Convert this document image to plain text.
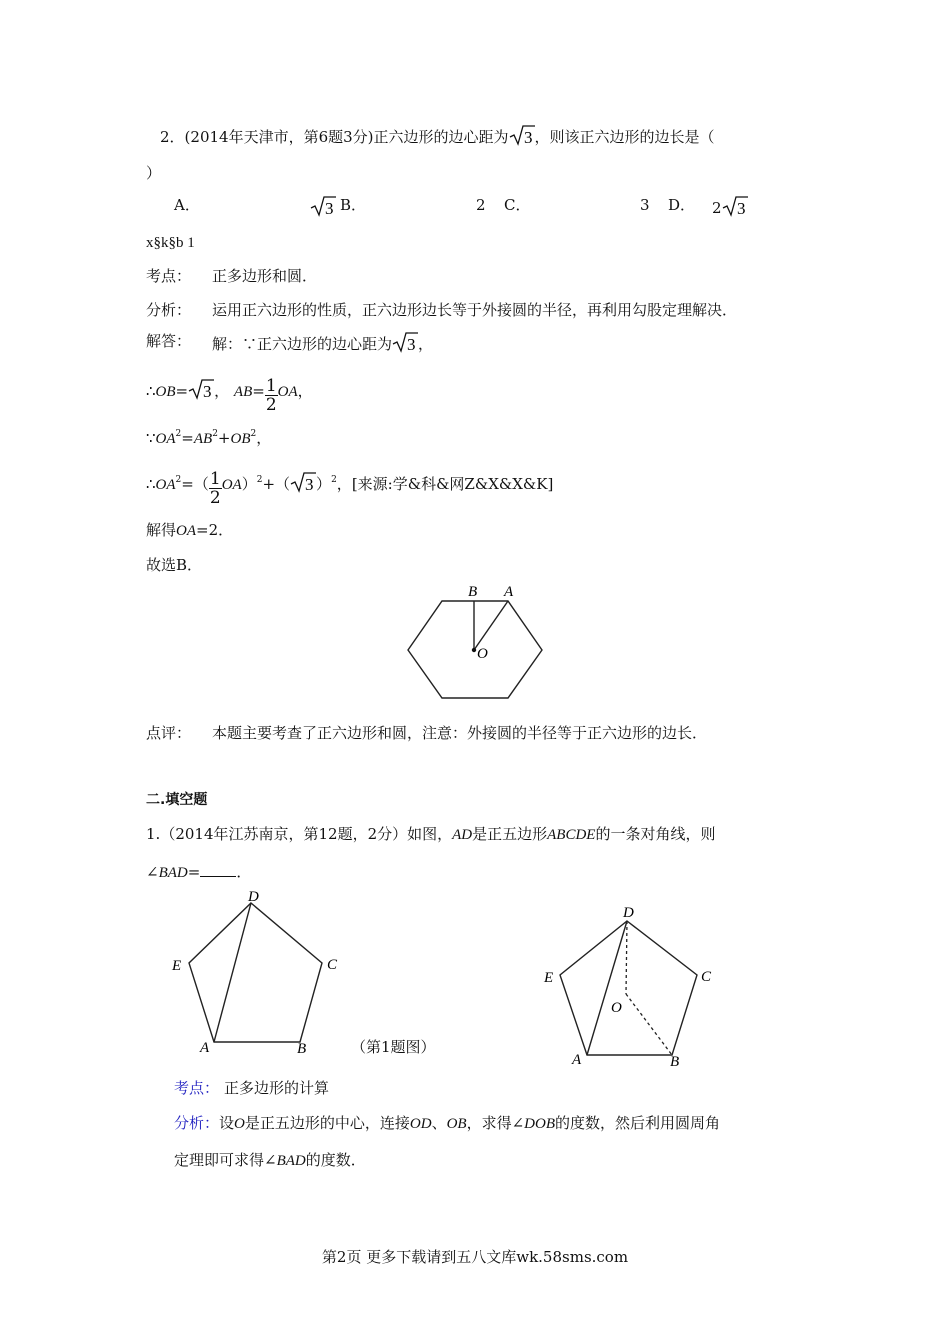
2．(2014年天津市，第6题3分)正六边形的边心距为 3 ，则该正六边形的边长是（
）
A．	3 B．	2 C．	3 D． 2 3
x§k§b 1
考点： 正多边形和圆．
分析： 运用正六边形的性质，正六边形边长等于外接圆的半径，再利用勾股定理解决．
解答： 解：∵正六边形的边心距为 3 ，
∴OB= 3 ， $AB= \frac{1}{2}$ OA，
$\because OA^2=AB^2+OB^2$，
$\therefore OA^2=( \frac{1}{2} OA)^2+$（ 3 ）$^2$，[来源:学&科&网Z&X&X&K]
解得OA=2．
故选B．
B A
O
点评： 本题主要考查了正六边形和圆，注意：外接圆的半径等于正六边形的边长．
二.填空题
1.（2014年江苏南京，第12题，2分）如图，AD是正五边形ABCDE的一条对角线，则
∠BAD= ．
D
E	C
A	B	（第1题图）
D
E	C
O
A	B
考点： 正多边形的计算
分析：设O是正五边形的中心，连接OD、OB，求得∠DOB的度数，然后利用圆周角
定理即可求得∠BAD的度数．
第2页 更多下载请到五八文库wk.58sms.com
